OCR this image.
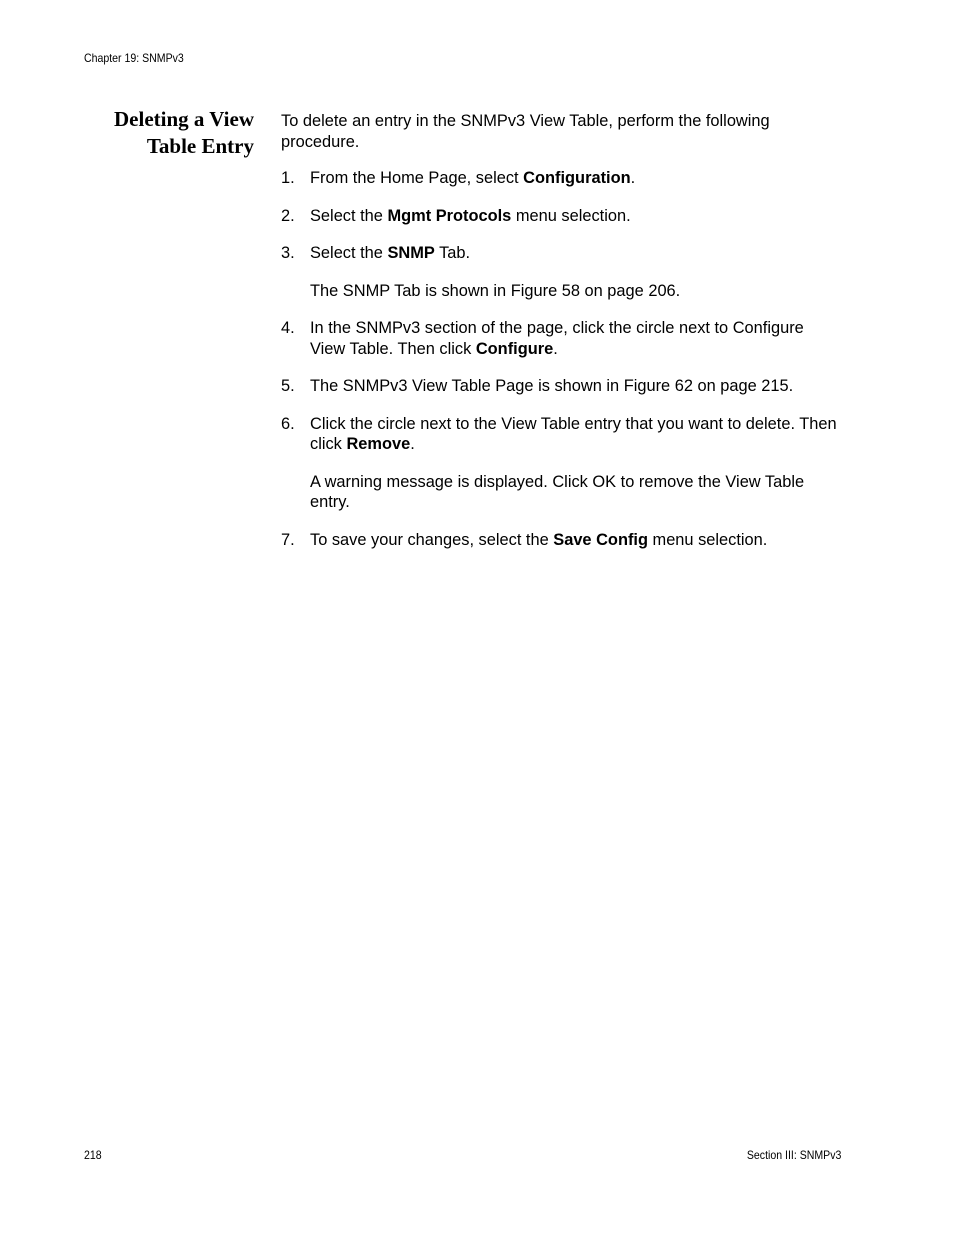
Chapter 19: SNMPv3
Deleting a View
Table Entry

To delete an entry in the SNMPv3 View Table, perform the following procedure.

1. From the Home Page, select Configuration.
2. Select the Mgmt Protocols menu selection.
3. Select the SNMP Tab.
The SNMP Tab is shown in Figure 58 on page 206.
4. In the SNMPv3 section of the page, click the circle next to Configure View Table. Then click Configure.
5. The SNMPv3 View Table Page is shown in Figure 62 on page 215.
6. Click the circle next to the View Table entry that you want to delete. Then click Remove.
A warning message is displayed. Click OK to remove the View Table entry.
7. To save your changes, select the Save Config menu selection.
218	Section III: SNMPv3
